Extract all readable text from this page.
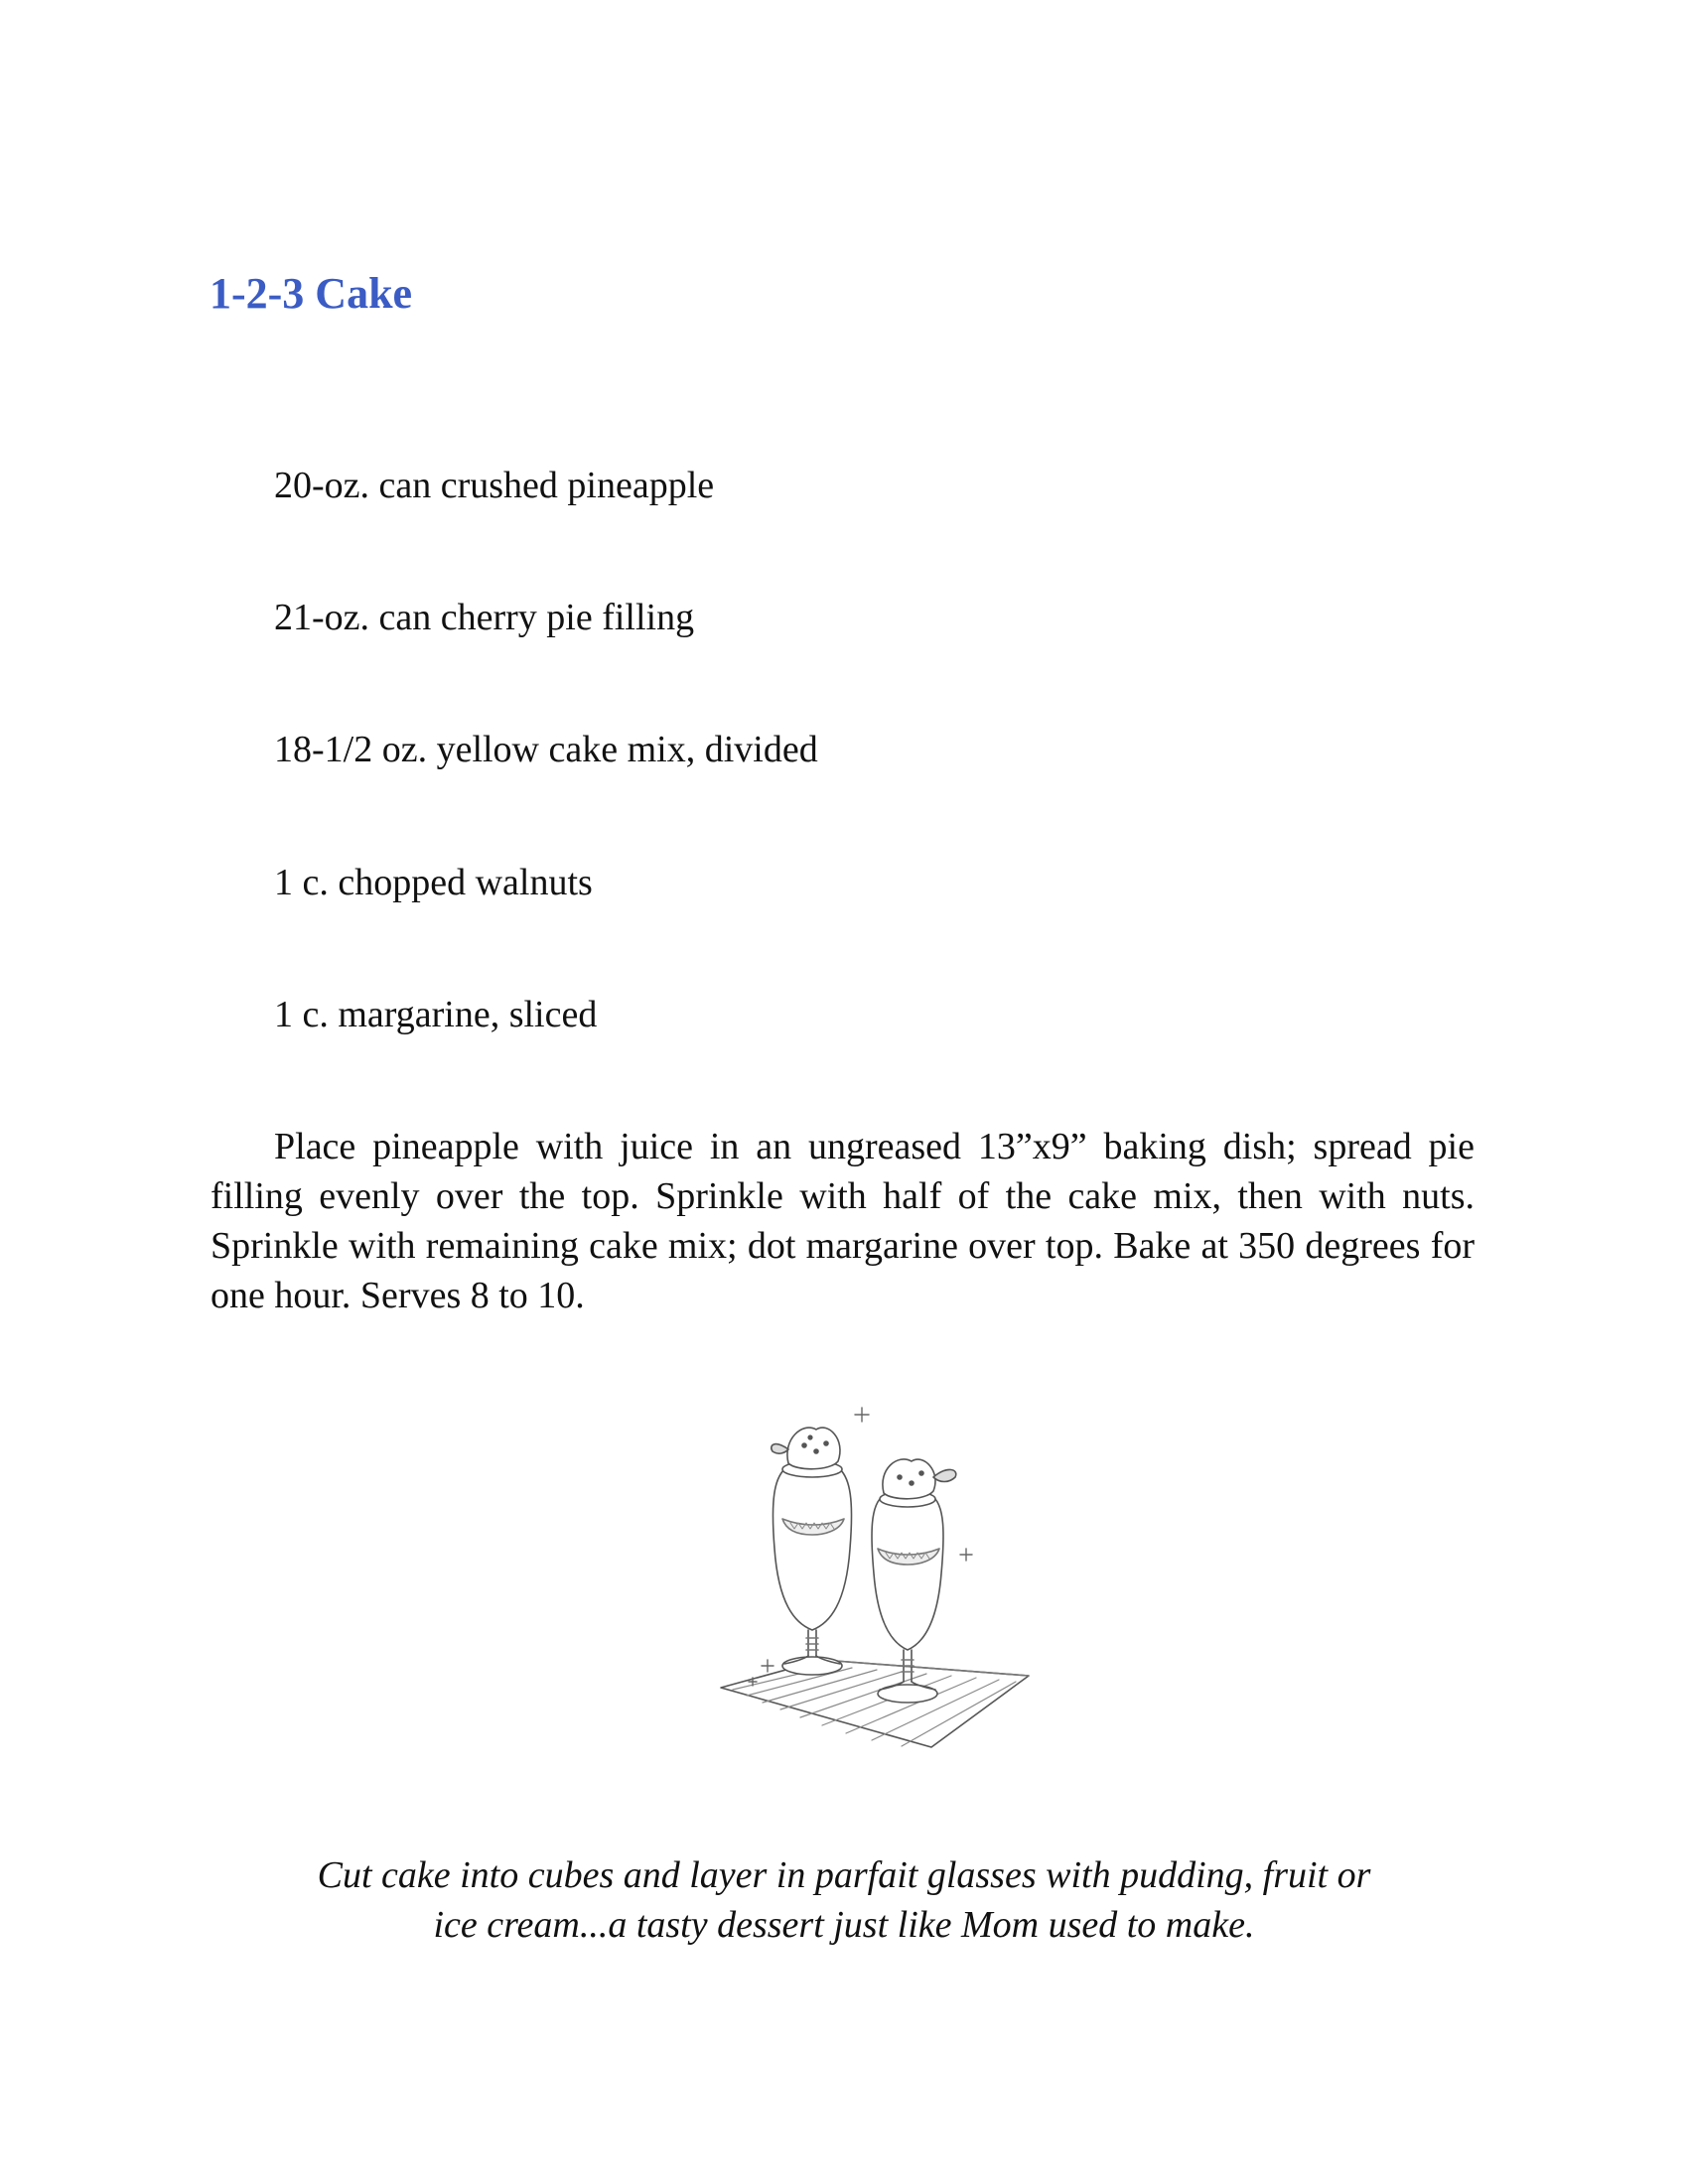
1-2-3 Cake

20-oz. can crushed pineapple

21-oz. can cherry pie filling

18-1/2 oz. yellow cake mix, divided

1 c. chopped walnuts

1 c. margarine, sliced

Place pineapple with juice in an ungreased 13”x9” baking dish; spread pie filling evenly over the top. Sprinkle with half of the cake mix, then with nuts. Sprinkle with remaining cake mix; dot margarine over top. Bake at 350 degrees for one hour. Serves 8 to 10.

Cut cake into cubes and layer in parfait glasses with pudding, fruit or
ice cream...a tasty dessert just like Mom used to make.
